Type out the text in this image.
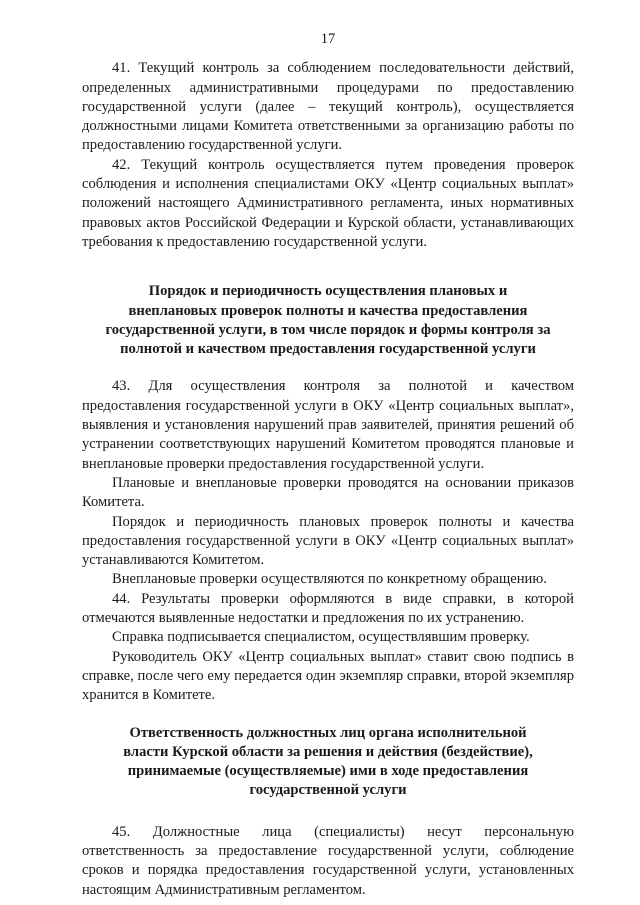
17

41. Текущий контроль за соблюдением последовательности действий, определенных административными процедурами по предоставлению государственной услуги (далее – текущий контроль), осуществляется должностными лицами Комитета ответственными за организацию работы по предоставлению государственной услуги.

42. Текущий контроль осуществляется путем проведения проверок соблюдения и исполнения специалистами ОКУ «Центр социальных выплат» положений настоящего Административного регламента, иных нормативных правовых актов Российской Федерации и Курской области, устанавливающих требования к предоставлению государственной услуги.

Порядок и периодичность осуществления плановых и
внеплановых проверок полноты и качества предоставления
государственной услуги, в том числе порядок и формы контроля за
полнотой и качеством предоставления государственной услуги

43. Для осуществления контроля за полнотой и качеством предоставления государственной услуги в ОКУ «Центр социальных выплат», выявления и установления нарушений прав заявителей, принятия решений об устранении соответствующих нарушений Комитетом проводятся плановые и внеплановые проверки предоставления государственной услуги.

Плановые и внеплановые проверки проводятся на основании приказов Комитета.

Порядок и периодичность плановых проверок полноты и качества предоставления государственной услуги в ОКУ «Центр социальных выплат» устанавливаются Комитетом.

Внеплановые проверки осуществляются по конкретному обращению.

44. Результаты проверки оформляются в виде справки, в которой отмечаются выявленные недостатки и предложения по их устранению.

Справка подписывается специалистом, осуществлявшим проверку.

Руководитель ОКУ «Центр социальных выплат» ставит свою подпись в справке, после чего ему передается один экземпляр справки, второй экземпляр хранится в Комитете.

Ответственность должностных лиц органа исполнительной
власти Курской области за решения и действия (бездействие),
принимаемые (осуществляемые) ими в ходе предоставления
государственной услуги

45. Должностные лица (специалисты) несут персональную ответственность за предоставление государственной услуги, соблюдение сроков и порядка предоставления государственной услуги, установленных настоящим Административным регламентом.
